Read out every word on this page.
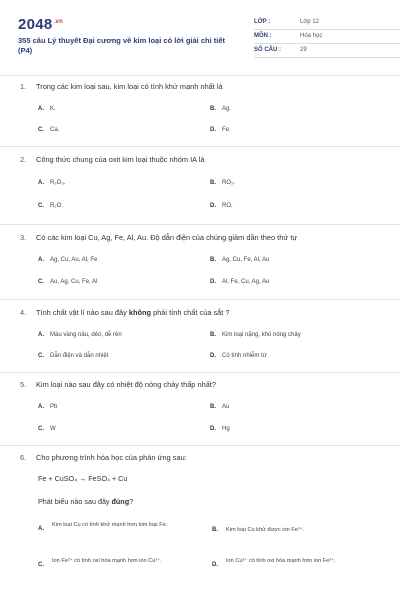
$2048^{.vn}$
355 câu Lý thuyết Đại cương về kim loại có lời giải chi tiết (P4)
LỚP :	Lớp 12
MÔN :	Hóa học
SỐ CÂU :	29
1. Trong các kim loại sau, kim loại có tính khử mạnh nhất là
A. K.	B. Ag.
C. Ca.	D. Fe.
2. Công thức chung của oxit kim loại thuộc nhóm IA là
A. R₂O₃.	B. RO₂.
C. R₂O.	D. RO.
3. Có các kim loại Cu, Ag, Fe, Al, Au. Độ dẫn điện của chúng giảm dần theo thứ tự
A. Ag, Cu, Au, Al, Fe	B. Ag, Cu, Fe, Al, Au
C. Au, Ag, Cu, Fe, Al	D. Al, Fe, Cu, Ag, Au
4. Tính chất vật lí nào sau đây không phải tính chất của sắt ?
A. Màu vàng nâu, dẻo, dễ rèn	B. Kim loại nặng, khó nóng chảy
C. Dẫn điện và dẫn nhiệt	D. Có tính nhiễm từ
5. Kim loại nào sau đây có nhiệt độ nóng chảy thấp nhất?
A. Pb	B. Au
C. W	D. Hg
6. Cho phương trình hóa học của phản ứng sau:
Fe + CuSO₄ → FeSO₄ + Cu
Phát biểu nào sau đây đúng?
A.
Kim loại Cu có tính khử mạnh hơn kim loại Fe.
B. Kim loại Cu khử được ion Fe²⁺.
C.
Ion Fe²⁺ có tính oxi hóa mạnh hơn ion Cu²⁺.
D.
Ion Cu²⁺ có tính oxi hóa mạnh hơn ion Fe²⁺.
